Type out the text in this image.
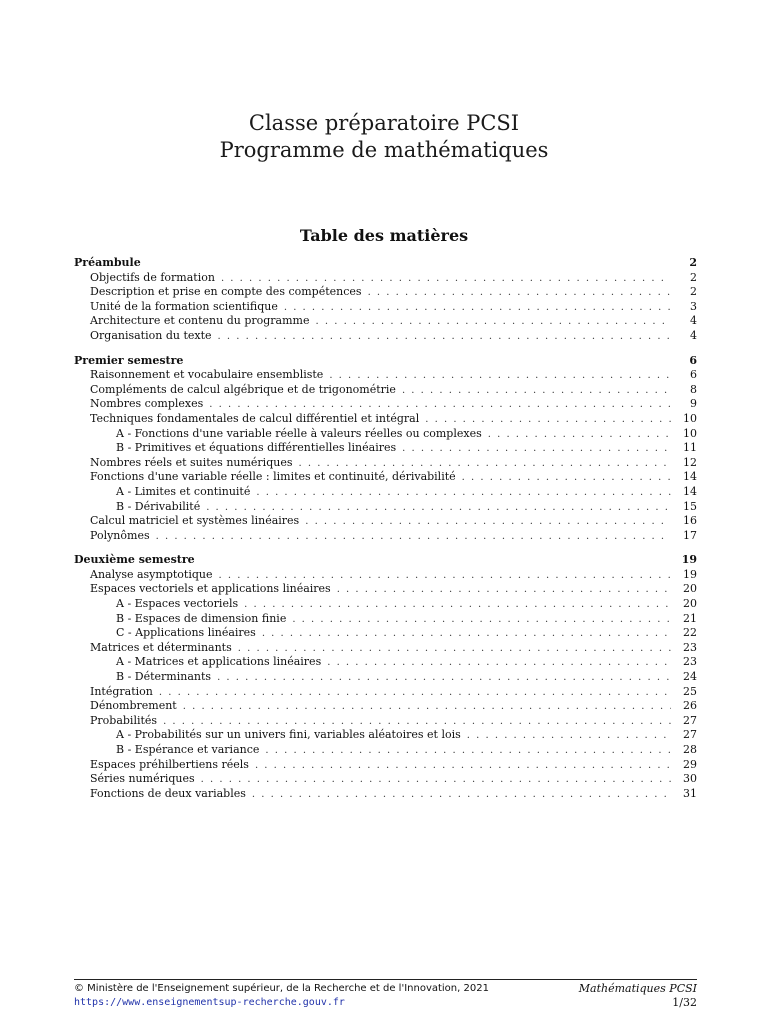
Classe préparatoire PCSI
Programme de mathématiques
Table des matières
Préambule	2
Objectifs de formation . . .	2
Description et prise en compte des compétences . . .	2
Unité de la formation scientifique . . .	3
Architecture et contenu du programme . . .	4
Organisation du texte . . .	4
Premier semestre	6
Raisonnement et vocabulaire ensembliste . . .	6
Compléments de calcul algébrique et de trigonométrie . . .	8
Nombres complexes . . .	9
Techniques fondamentales de calcul différentiel et intégral . . .	10
A - Fonctions d'une variable réelle à valeurs réelles ou complexes . . .	10
B - Primitives et équations différentielles linéaires . . .	11
Nombres réels et suites numériques . . .	12
Fonctions d'une variable réelle : limites et continuité, dérivabilité . . .	14
A - Limites et continuité . . .	14
B - Dérivabilité . . .	15
Calcul matriciel et systèmes linéaires . . .	16
Polynômes . . .	17
Deuxième semestre	19
Analyse asymptotique . . .	19
Espaces vectoriels et applications linéaires . . .	20
A - Espaces vectoriels . . .	20
B - Espaces de dimension finie . . .	21
C - Applications linéaires . . .	22
Matrices et déterminants . . .	23
A - Matrices et applications linéaires . . .	23
B - Déterminants . . .	24
Intégration . . .	25
Dénombrement . . .	26
Probabilités . . .	27
A - Probabilités sur un univers fini, variables aléatoires et lois . . .	27
B - Espérance et variance . . .	28
Espaces préhilbertiens réels . . .	29
Séries numériques . . .	30
Fonctions de deux variables . . .	31
© Ministère de l'Enseignement supérieur, de la Recherche et de l'Innovation, 2021
https://www.enseignementsup-recherche.gouv.fr
Mathématiques PCSI
1/32
